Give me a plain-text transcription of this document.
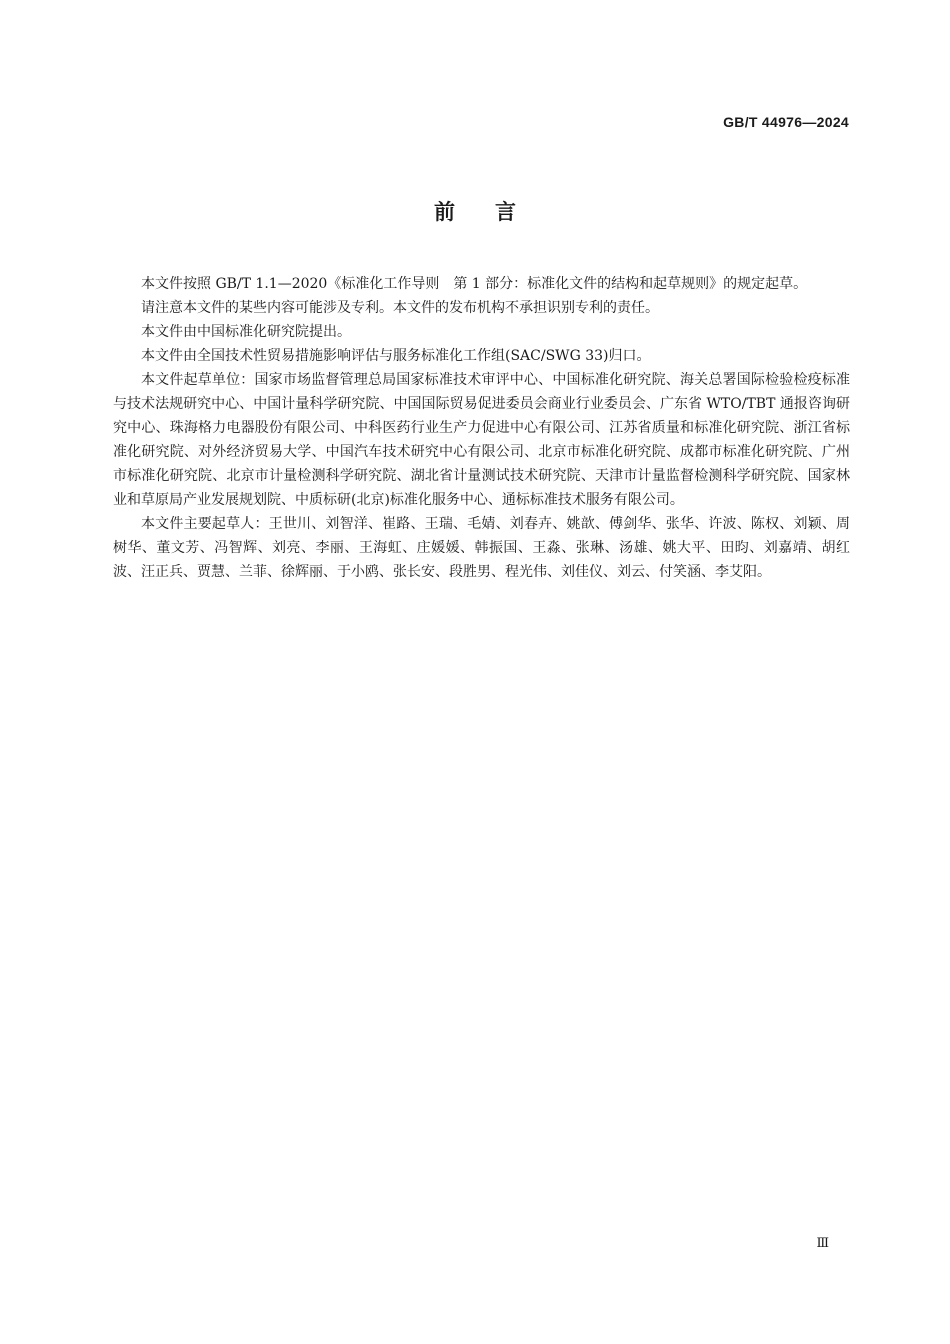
GB/T 44976—2024
前言

本文件按照 GB/T 1.1—2020《标准化工作导则　第 1 部分：标准化文件的结构和起草规则》的规定起草。

请注意本文件的某些内容可能涉及专利。本文件的发布机构不承担识别专利的责任。

本文件由中国标准化研究院提出。

本文件由全国技术性贸易措施影响评估与服务标准化工作组(SAC/SWG 33)归口。

本文件起草单位：国家市场监督管理总局国家标准技术审评中心、中国标准化研究院、海关总署国际检验检疫标准与技术法规研究中心、中国计量科学研究院、中国国际贸易促进委员会商业行业委员会、广东省 WTO/TBT 通报咨询研究中心、珠海格力电器股份有限公司、中科医药行业生产力促进中心有限公司、江苏省质量和标准化研究院、浙江省标准化研究院、对外经济贸易大学、中国汽车技术研究中心有限公司、北京市标准化研究院、成都市标准化研究院、广州市标准化研究院、北京市计量检测科学研究院、湖北省计量测试技术研究院、天津市计量监督检测科学研究院、国家林业和草原局产业发展规划院、中质标研(北京)标准化服务中心、通标标准技术服务有限公司。

本文件主要起草人：王世川、刘智洋、崔路、王瑞、毛婧、刘春卉、姚歆、傅剑华、张华、许波、陈权、刘颖、周树华、董文芳、冯智辉、刘亮、李丽、王海虹、庄媛媛、韩振国、王淼、张琳、汤雄、姚大平、田昀、刘嘉靖、胡红波、汪正兵、贾慧、兰菲、徐辉丽、于小鸥、张长安、段胜男、程光伟、刘佳仪、刘云、付笑涵、李艾阳。

Ⅲ
